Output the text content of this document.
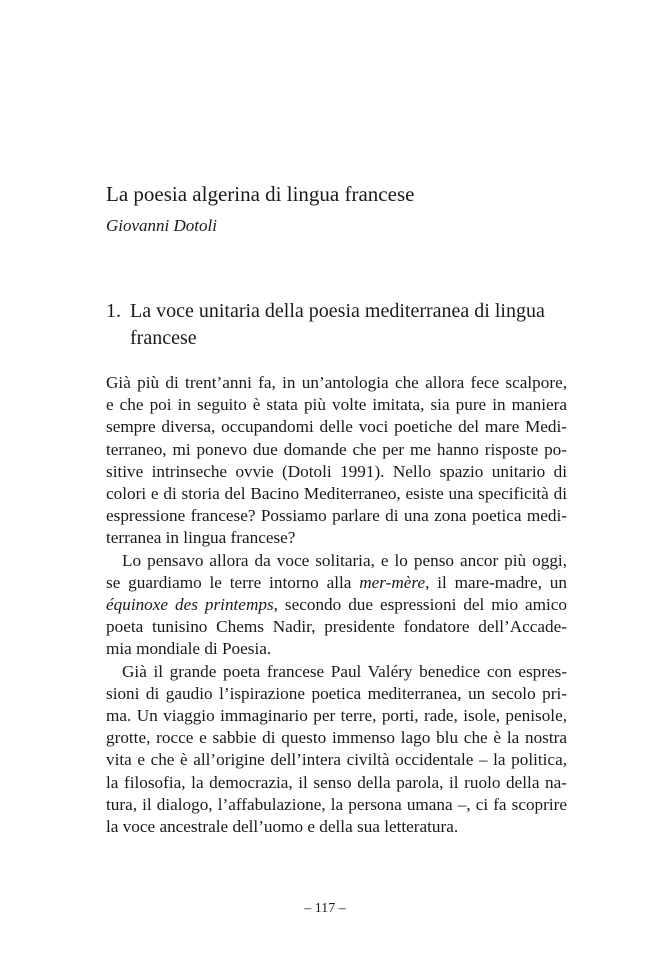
La poesia algerina di lingua francese

Giovanni Dotoli

1. La voce unitaria della poesia mediterranea di lingua francese

Già più di trent’anni fa, in un’antologia che allora fece scalpore,
e che poi in seguito è stata più volte imitata, sia pure in maniera
sempre diversa, occupandomi delle voci poetiche del mare Medi-
terraneo, mi ponevo due domande che per me hanno risposte po-
sitive intrinseche ovvie (Dotoli 1991). Nello spazio unitario di
colori e di storia del Bacino Mediterraneo, esiste una specificità di
espressione francese? Possiamo parlare di una zona poetica medi-
terranea in lingua francese?

Lo pensavo allora da voce solitaria, e lo penso ancor più oggi,
se guardiamo le terre intorno alla mer-mère, il mare-madre, un
équinoxe des printemps, secondo due espressioni del mio amico
poeta tunisino Chems Nadir, presidente fondatore dell’Accade-
mia mondiale di Poesia.

Già il grande poeta francese Paul Valéry benedice con espres-
sioni di gaudio l’ispirazione poetica mediterranea, un secolo pri-
ma. Un viaggio immaginario per terre, porti, rade, isole, penisole,
grotte, rocce e sabbie di questo immenso lago blu che è la nostra
vita e che è all’origine dell’intera civiltà occidentale – la politica,
la filosofia, la democrazia, il senso della parola, il ruolo della na-
tura, il dialogo, l’affabulazione, la persona umana –, ci fa scoprire
la voce ancestrale dell’uomo e della sua letteratura.

– 117 –
